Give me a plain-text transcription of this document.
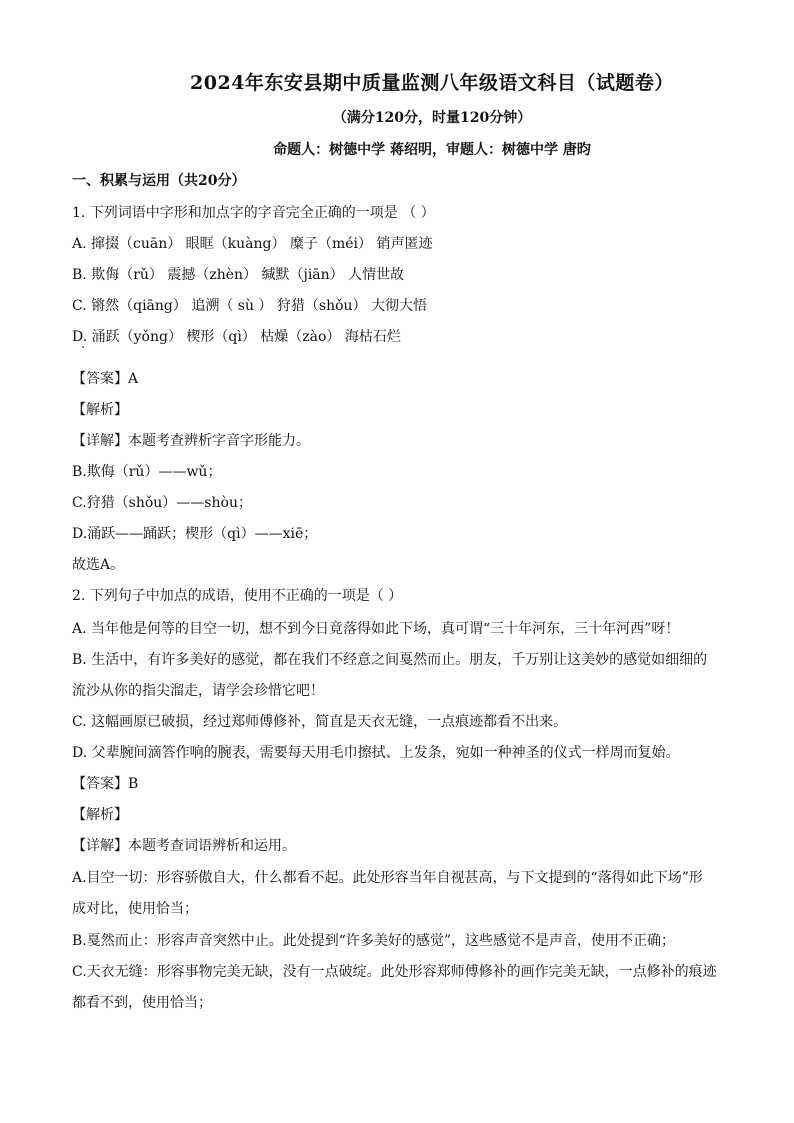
2024年东安县期中质量监测八年级语文科目（试题卷）
（满分120分，时量120分钟）
命题人：树德中学 蒋绍明，审题人：树德中学 唐昀
一、积累与运用（共20分）
1. 下列词语中字形和加点字的字音完全正确的一项是 （ ）
A. 撺掇（cuān） 眼眶（kuàng） 糜子（méi） 销声匿迹
B. 欺侮（rǔ） 震撼（zhèn） 缄默（jiān） 人情世故
C. 锵然（qiāng） 追溯（ sù ） 狩猎（shǒu） 大彻大悟
D. 涌跃（yǒng） 楔形（qì） 枯燥（zào） 海枯石烂
【答案】A
【解析】
【详解】本题考查辨析字音字形能力。
B.欺侮（rǔ）——wǔ；
C.狩猎（shǒu）——shòu；
D.涌跃——踊跃；楔形（qì）——xiē；
故选A。
2. 下列句子中加点的成语，使用不正确的一项是（ ）
A. 当年他是何等的目空一切，想不到今日竟落得如此下场，真可谓“三十年河东，三十年河西”呀！
B. 生活中，有许多美好的感觉，都在我们不经意之间戛然而止。朋友，千万别让这美妙的感觉如细细的
流沙从你的指尖溜走，请学会珍惜它吧！
C. 这幅画原已破损，经过郑师傅修补，简直是天衣无缝，一点痕迹都看不出来。
D. 父辈腕间滴答作响的腕表，需要每天用毛巾擦拭、上发条，宛如一种神圣的仪式一样周而复始。
【答案】B
【解析】
【详解】本题考查词语辨析和运用。
A.目空一切：形容骄傲自大，什么都看不起。此处形容当年自视甚高，与下文提到的“落得如此下场”形
成对比，使用恰当；
B.戛然而止：形容声音突然中止。此处提到“许多美好的感觉”，这些感觉不是声音，使用不正确；
C.天衣无缝：形容事物完美无缺，没有一点破绽。此处形容郑师傅修补的画作完美无缺，一点修补的痕迹
都看不到，使用恰当；
